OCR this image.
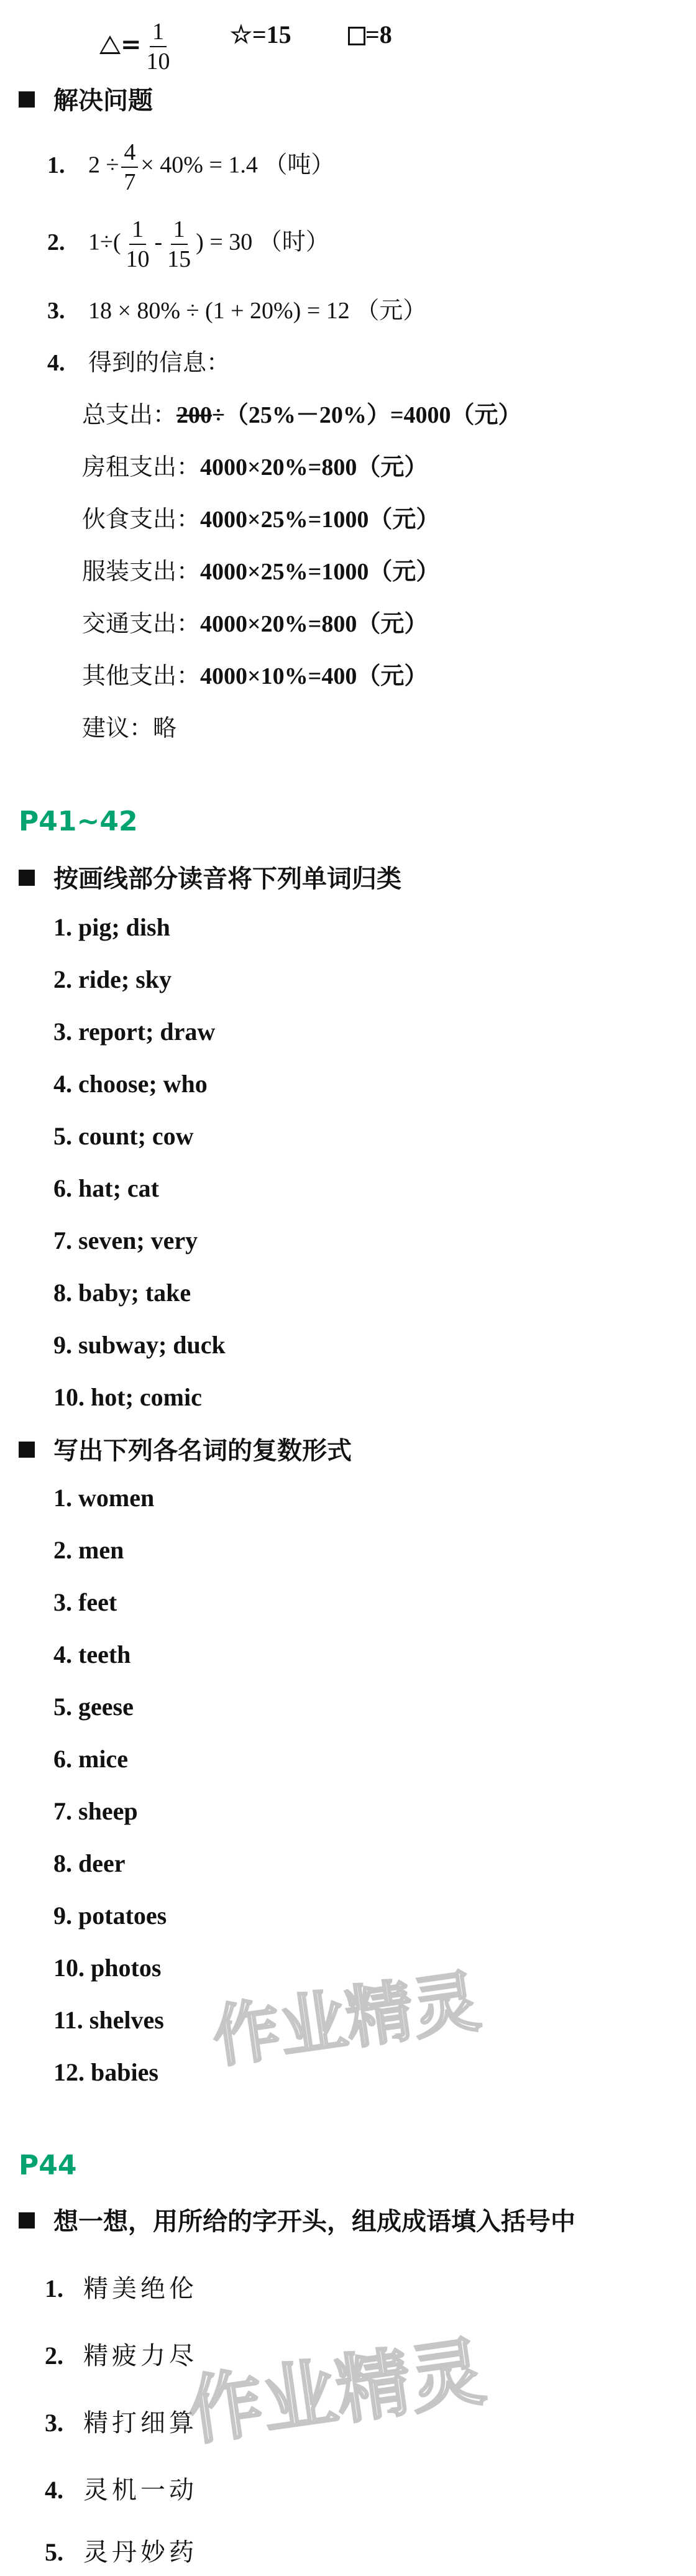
= $\frac{1}{10}$ ☆=15	=8
解决问题
1. $2 \div \frac{4}{7} \times 40\% = 1.4$ （吨）
2. $1\div( \frac{1}{10} - \frac{1}{15}$ ) = 30 （时）
3. 18 × 80% ÷ (1 + 20%) = 12 （元）
4. 得到的信息：
总支出：200÷（25%－20%）=4000（元）
房租支出：4000×20%=800（元）
伙食支出：4000×25%=1000（元）
服装支出：4000×25%=1000（元）
交通支出：4000×20%=800（元）
其他支出：4000×10%=400（元）
建议：略
P41~42
按画线部分读音将下列单词归类
1. pig; dish
2. ride; sky
3. report; draw
4. choose; who
5. count; cow
6. hat; cat
7. seven; very
8. baby; take
9. subway; duck
10. hot; comic
写出下列各名词的复数形式
1. women
2. men
3. feet
4. teeth
5. geese
6. mice
7. sheep
8. deer
9. potatoes
10. photos
11. shelves
12. babies 作业精灵
P44
想一想，用所给的字开头，组成成语填入括号中
1. 精美绝伦
2. 精疲力尽
3. 精打细算
4. 灵机一动
5. 灵丹妙药
作业精灵
